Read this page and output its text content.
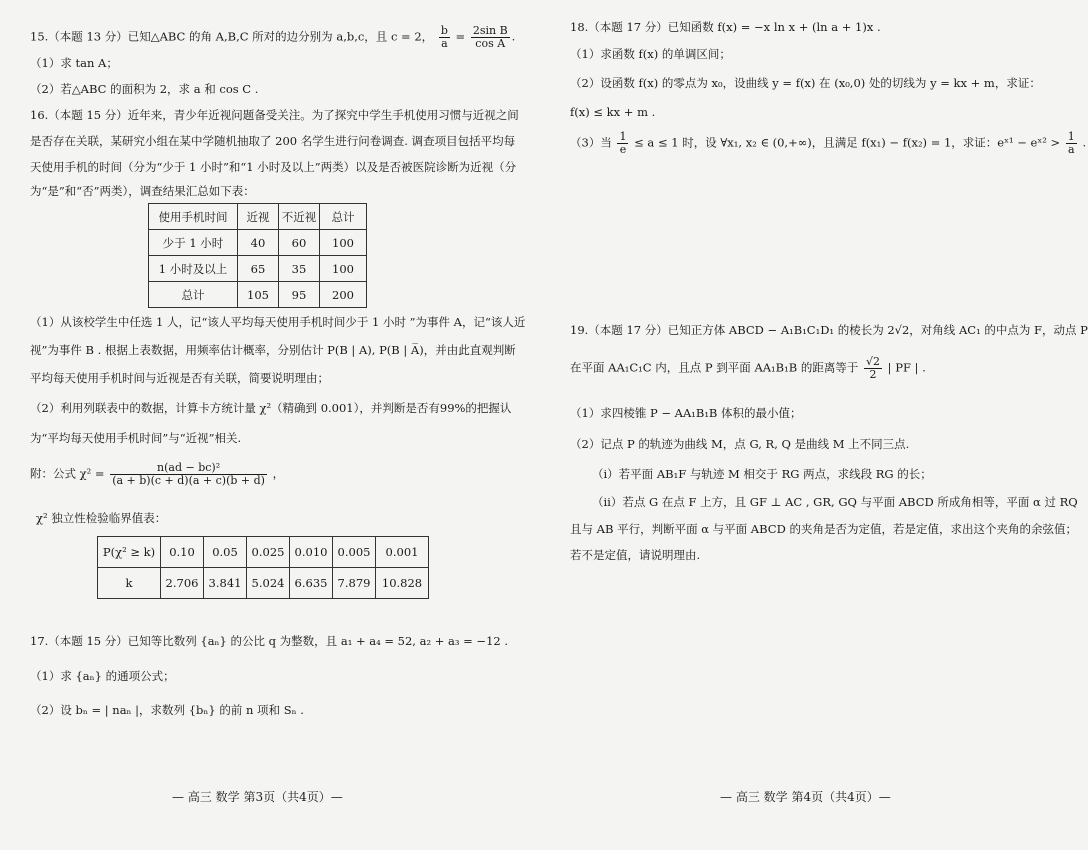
15.（本题 13 分）已知△ABC 的角 A,B,C 所对的边分别为 a,b,c，且 c = 2， $\frac{b}{a} = \frac{\text{2sin B}}{\text{cos A}}$ .
（1）求 tan A；
（2）若△ABC 的面积为 2，求 a 和 cos C .
16.（本题 15 分）近年来，青少年近视问题备受关注。为了探究中学生手机使用习惯与近视之间
是否存在关联，某研究小组在某中学随机抽取了 200 名学生进行问卷调查. 调查项目包括平均每
天使用手机的时间（分为“少于 1 小时”和“1 小时及以上”两类）以及是否被医院诊断为近视（分
为“是”和“否”两类），调查结果汇总如下表：
使用手机时间	近视	不近视	总计
少于 1 小时	40	60	100
1 小时及以上	65	35	100
总计	105	95	200
（1）从该校学生中任选 1 人，记“该人平均每天使用手机时间少于 1 小时 ”为事件 A，记“该人近
视”为事件 B . 根据上表数据，用频率估计概率，分别估计 P(B | A), P(B | A̅)，并由此直观判断
平均每天使用手机时间与近视是否有关联，简要说明理由；
（2）利用列联表中的数据，计算卡方统计量 χ²（精确到 0.001），并判断是否有99%的把握认
为“平均每天使用手机时间”与“近视”相关.
附：公式 $\chi^2 = \frac{\text{n(ad − bc)²}}{(a + b)(c + d)(a + c)(b + d)}$ ，
χ² 独立性检验临界值表：
P(χ² ≥ k)	0.10	0.05	0.025	0.010	0.005	0.001
k	2.706	3.841	5.024	6.635	7.879	10.828
17.（本题 15 分）已知等比数列 {aₙ} 的公比 q 为整数，且 a₁ + a₄ = 52, a₂ + a₃ = −12 .
（1）求 {aₙ} 的通项公式；
（2）设 bₙ = | naₙ |，求数列 {bₙ} 的前 n 项和 Sₙ .
— 高三 数学 第3页（共4页）—
18.（本题 17 分）已知函数 f(x) = −x ln x + (ln a + 1)x .
（1）求函数 f(x) 的单调区间；
（2）设函数 f(x) 的零点为 x₀，设曲线 y = f(x) 在 (x₀,0) 处的切线为 y = kx + m，求证：
f(x) ≤ kx + m .
（3）当 $\frac{1}{e} \le a \le 1$ 时，设 ∀x₁, x₂ ∈ (0,+∞)，且满足 f(x₁) − f(x₂) = 1，求证：eˣ¹ − eˣ² > $\frac{1}{a}$ .
19.（本题 17 分）已知正方体 ABCD − A₁B₁C₁D₁ 的棱长为 2√2，对角线 AC₁ 的中点为 F，动点 P
在平面 AA₁C₁C 内，且点 P 到平面 AA₁B₁B 的距离等于 $\frac{√2}{2}$ | PF | .
（1）求四棱锥 P − AA₁B₁B 体积的最小值；
（2）记点 P 的轨迹为曲线 M，点 G, R, Q 是曲线 M 上不同三点.
（ⅰ）若平面 AB₁F 与轨迹 M 相交于 RG 两点，求线段 RG 的长；
（ⅱ）若点 G 在点 F 上方，且 GF ⊥ AC , GR, GQ 与平面 ABCD 所成角相等，平面 α 过 RQ
且与 AB 平行，判断平面 α 与平面 ABCD 的夹角是否为定值，若是定值，求出这个夹角的余弦值；
若不是定值，请说明理由.
— 高三 数学 第4页（共4页）—
